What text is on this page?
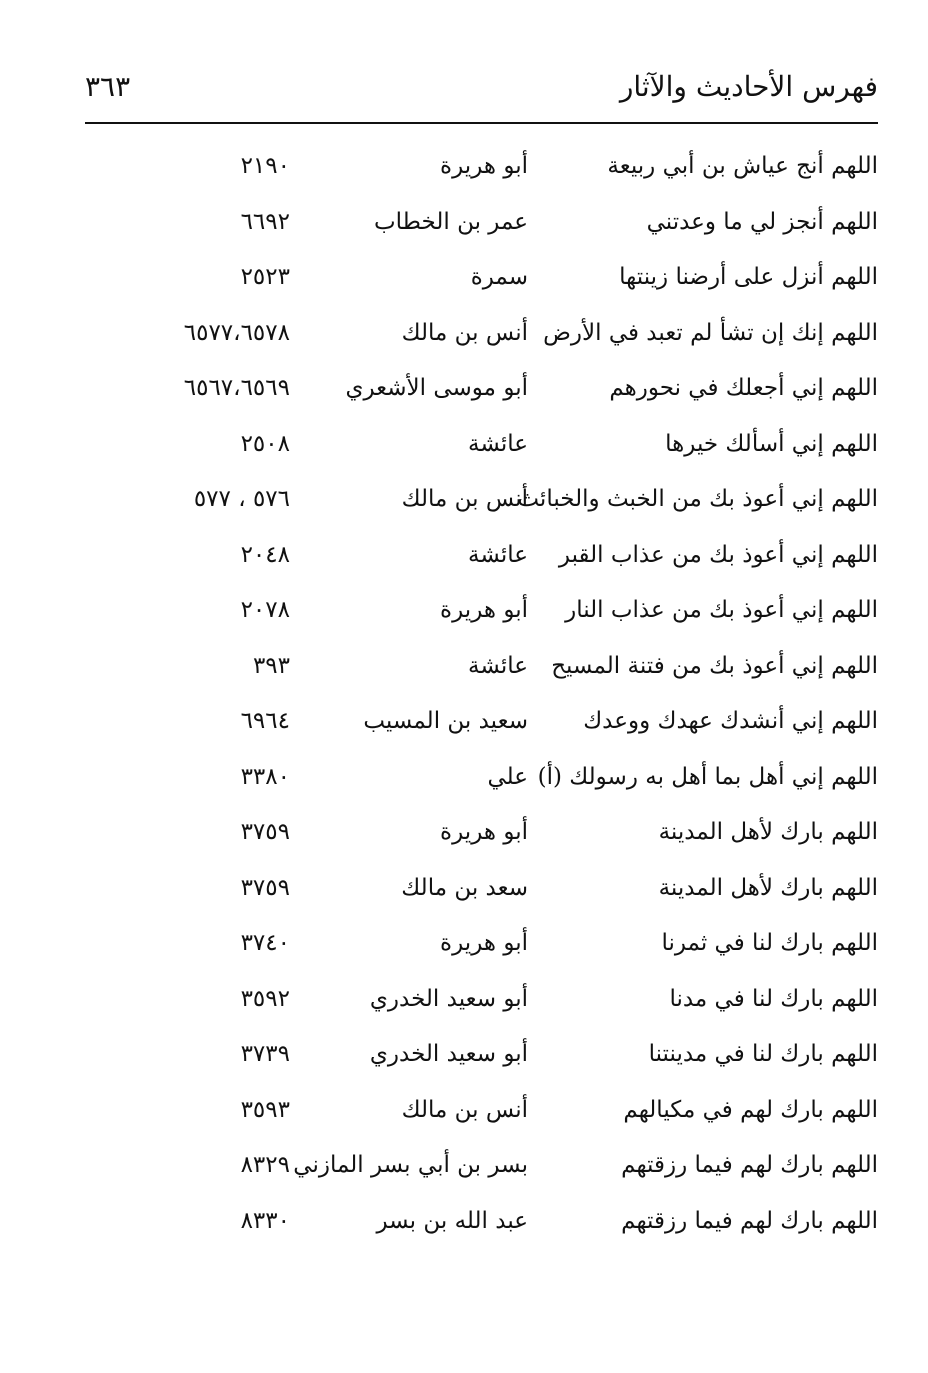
فهرس الأحاديث والآثار
٣٦٣
اللهم أنج عياش بن أبي ربيعة
أبو هريرة
٢١٩٠
اللهم أنجز لي ما وعدتني
عمر بن الخطاب
٦٦٩٢
اللهم أنزل على أرضنا زينتها
سمرة
٢٥٢٣
اللهم إنك إن تشأ لم تعبد في الأرض
أنس بن مالك
٦٥٧٧،٦٥٧٨
اللهم إني أجعلك في نحورهم
أبو موسى الأشعري
٦٥٦٧،٦٥٦٩
اللهم إني أسألك خيرها
عائشة
٢٥٠٨
اللهم إني أعوذ بك من الخبث والخبائث
أنس بن مالك
٥٧٦ ، ٥٧٧
اللهم إني أعوذ بك من عذاب القبر
عائشة
٢٠٤٨
اللهم إني أعوذ بك من عذاب النار
أبو هريرة
٢٠٧٨
اللهم إني أعوذ بك من فتنة المسيح
عائشة
٣٩٣
اللهم إني أنشدك عهدك ووعدك
سعيد بن المسيب
٦٩٦٤
اللهم إني أهل بما أهل به رسولك (أ)
علي
٣٣٨٠
اللهم بارك لأهل المدينة
أبو هريرة
٣٧٥٩
اللهم بارك لأهل المدينة
سعد بن مالك
٣٧٥٩
اللهم بارك لنا في ثمرنا
أبو هريرة
٣٧٤٠
اللهم بارك لنا في مدنا
أبو سعيد الخدري
٣٥٩٢
اللهم بارك لنا في مدينتنا
أبو سعيد الخدري
٣٧٣٩
اللهم بارك لهم في مكيالهم
أنس بن مالك
٣٥٩٣
اللهم بارك لهم فيما رزقتهم
بسر بن أبي بسر المازني
٨٣٢٩
اللهم بارك لهم فيما رزقتهم
عبد الله بن بسر
٨٣٣٠
